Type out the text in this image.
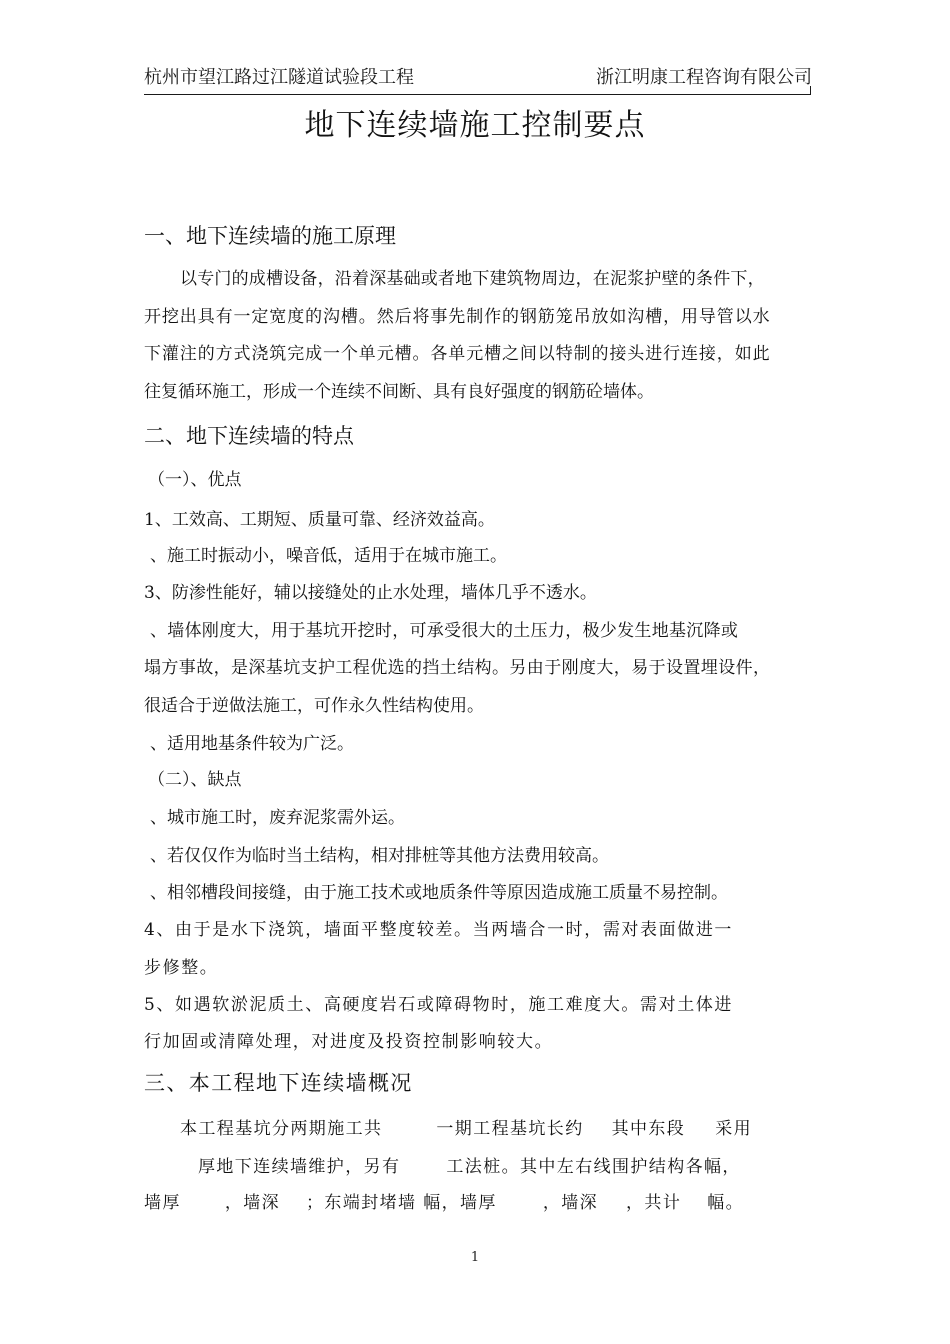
杭州市望江路过江隧道试验段工程	浙江明康工程咨询有限公司
地下连续墙施工控制要点
一、地下连续墙的施工原理
以专门的成槽设备，沿着深基础或者地下建筑物周边，在泥浆护壁的条件下，
开挖出具有一定宽度的沟槽。然后将事先制作的钢筋笼吊放如沟槽，用导管以水
下灌注的方式浇筑完成一个单元槽。各单元槽之间以特制的接头进行连接，如此
往复循环施工，形成一个连续不间断、具有良好强度的钢筋砼墙体。
二、地下连续墙的特点
（一）、优点
1、工效高、工期短、质量可靠、经济效益高。
、施工时振动小，噪音低，适用于在城市施工。
3、防渗性能好，辅以接缝处的止水处理，墙体几乎不透水。
、墙体刚度大，用于基坑开挖时，可承受很大的土压力，极少发生地基沉降或
塌方事故，是深基坑支护工程优选的挡土结构。另由于刚度大，易于设置埋设件，
很适合于逆做法施工，可作永久性结构使用。
、适用地基条件较为广泛。
（二）、缺点
、城市施工时，废弃泥浆需外运。
、若仅仅作为临时当土结构，相对排桩等其他方法费用较高。
、相邻槽段间接缝，由于施工技术或地质条件等原因造成施工质量不易控制。
4、由于是水下浇筑，墙面平整度较差。当两墙合一时，需对表面做进一
步修整。
5、如遇软淤泥质土、高硬度岩石或障碍物时，施工难度大。需对土体进
行加固或清障处理，对进度及投资控制影响较大。
三、本工程地下连续墙概况
本工程基坑分两期施工共	一期工程基坑长约 其中东段 采用
厚地下连续墙维护，另有	工法桩。其中左右线围护结构各幅，
墙厚	，墙深 ；东端封堵墙 幅，墙厚	，墙深 ，共计 幅。
1
